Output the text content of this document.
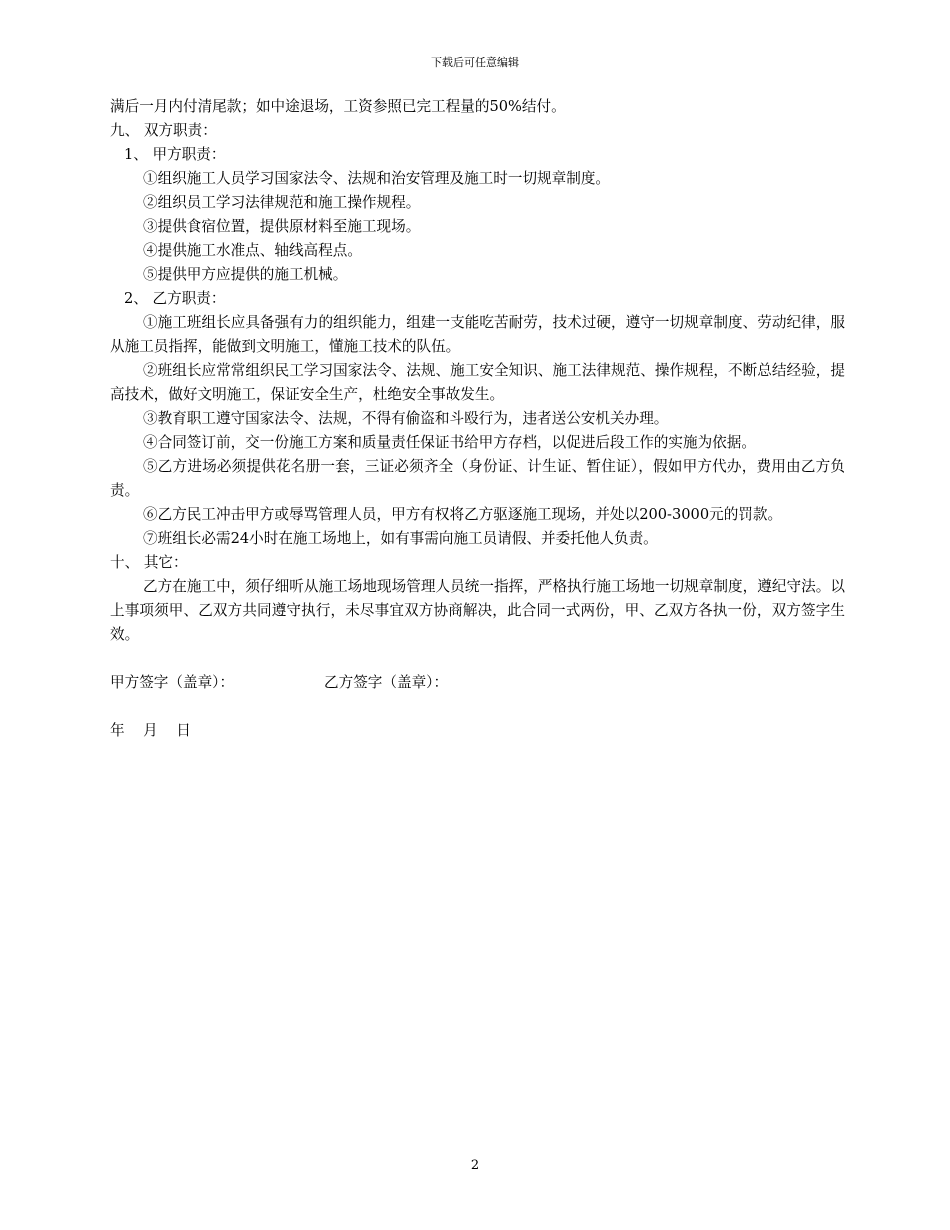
下载后可任意编辑
满后一月内付清尾款；如中途退场，工资参照已完工程量的50%结付。
九、 双方职责：
1、 甲方职责：
①组织施工人员学习国家法令、法规和治安管理及施工时一切规章制度。
②组织员工学习法律规范和施工操作规程。
③提供食宿位置，提供原材料至施工现场。
④提供施工水准点、轴线高程点。
⑤提供甲方应提供的施工机械。
2、 乙方职责：
①施工班组长应具备强有力的组织能力，组建一支能吃苦耐劳，技术过硬，遵守一切规章制度、劳动纪律，服从施工员指挥，能做到文明施工，懂施工技术的队伍。
②班组长应常常组织民工学习国家法令、法规、施工安全知识、施工法律规范、操作规程，不断总结经验，提高技术，做好文明施工，保证安全生产，杜绝安全事故发生。
③教育职工遵守国家法令、法规，不得有偷盗和斗殴行为，违者送公安机关办理。
④合同签订前，交一份施工方案和质量责任保证书给甲方存档，以促进后段工作的实施为依据。
⑤乙方进场必须提供花名册一套，三证必须齐全（身份证、计生证、暂住证），假如甲方代办，费用由乙方负责。
⑥乙方民工冲击甲方或辱骂管理人员，甲方有权将乙方驱逐施工现场，并处以200-3000元的罚款。
⑦班组长必需24小时在施工场地上，如有事需向施工员请假、并委托他人负责。
十、 其它：
乙方在施工中，须仔细听从施工场地现场管理人员统一指挥，严格执行施工场地一切规章制度，遵纪守法。以上事项须甲、乙双方共同遵守执行，未尽事宜双方协商解决，此合同一式两份，甲、乙双方各执一份，双方签字生效。
甲方签字（盖章）：	乙方签字（盖章）：
年    月    日
2
